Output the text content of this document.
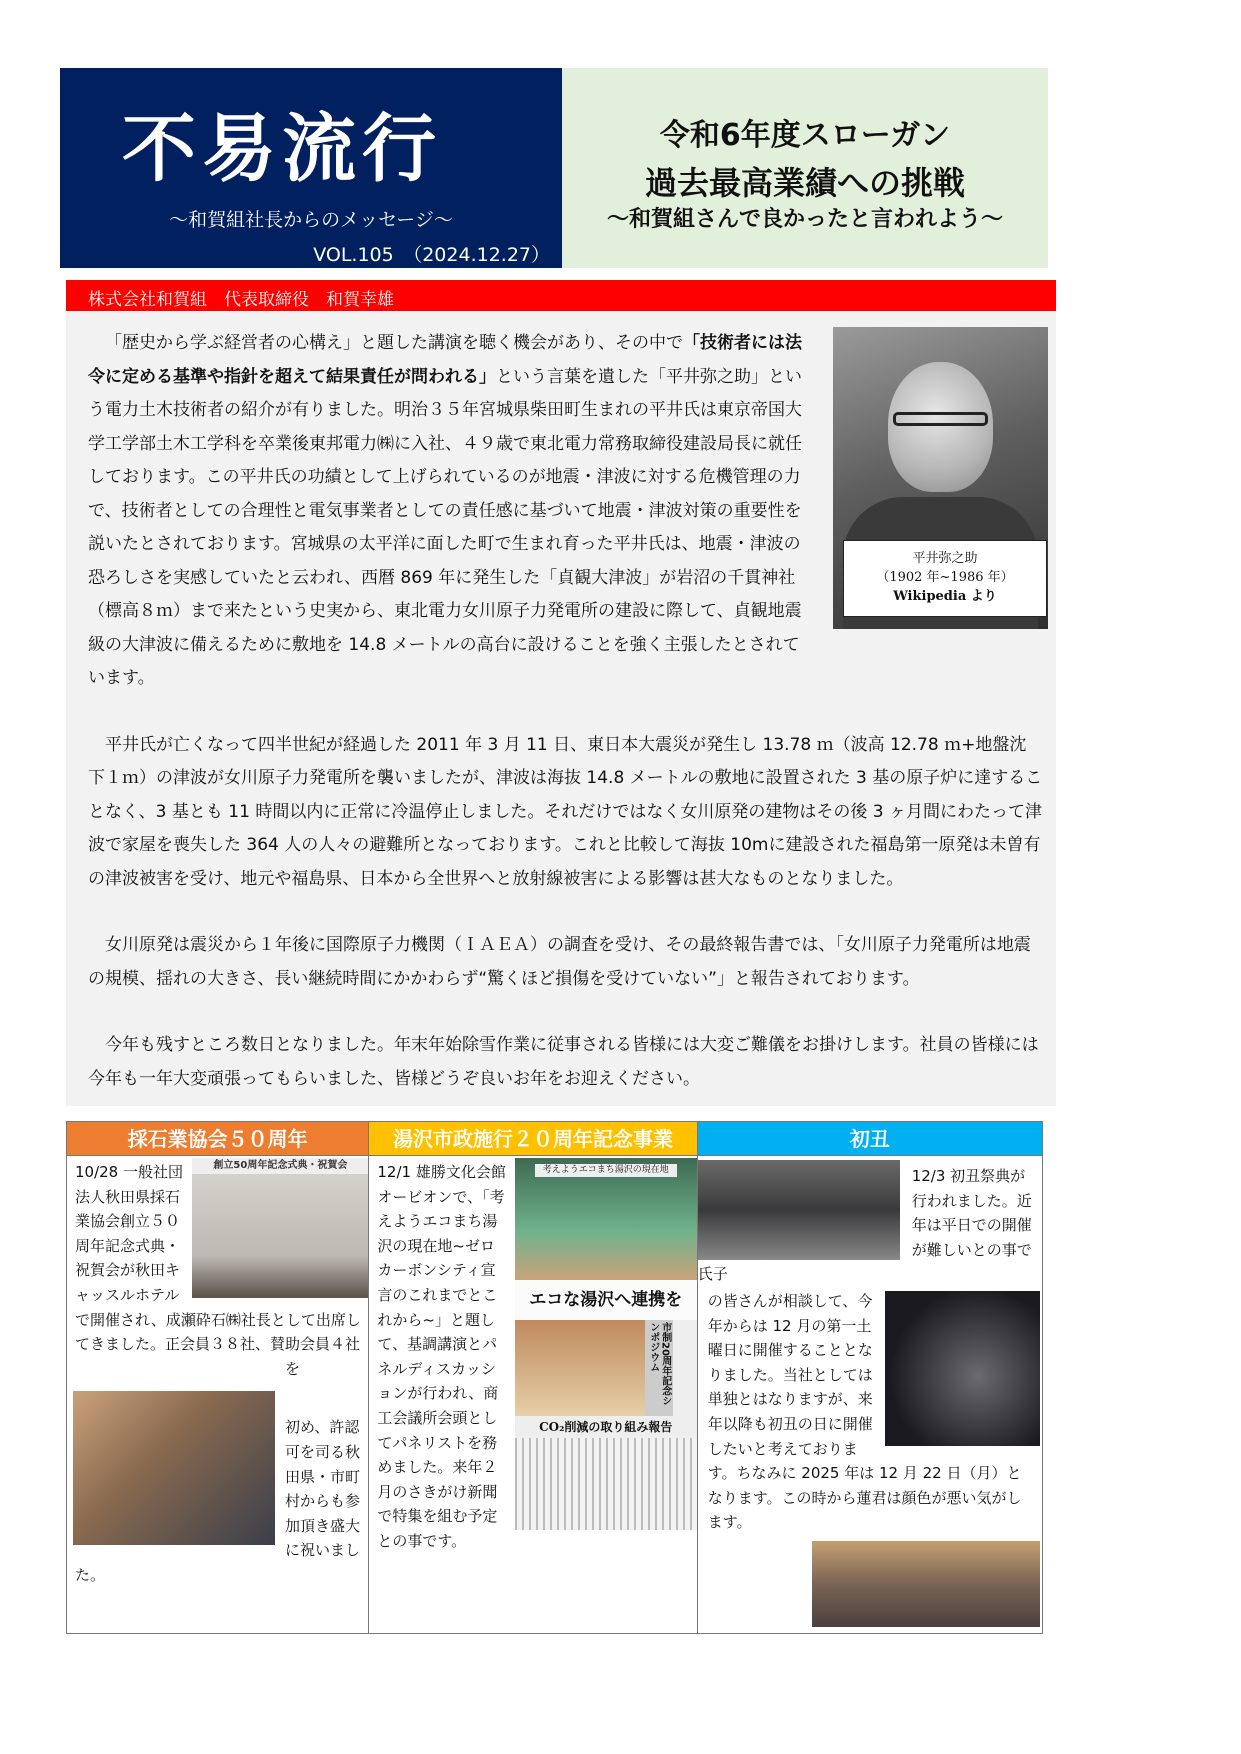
不易流行
～和賀組社長からのメッセージ～
VOL.105　（2024.12.27）
令和6年度スローガン
過去最高業績への挑戦
～和賀組さんで良かったと言われよう～
株式会社和賀組　代表取締役　和賀幸雄
平井弥之助
（1902 年~1986 年）
Wikipedia より

「歴史から学ぶ経営者の心構え」と題した講演を聴く機会があり、その中で「技術者には法令に定める基準や指針を超えて結果責任が問われる」という言葉を遺した「平井弥之助」という電力土木技術者の紹介が有りました。明治３５年宮城県柴田町生まれの平井氏は東京帝国大学工学部土木工学科を卒業後東邦電力㈱に入社、４９歳で東北電力常務取締役建設局長に就任しております。この平井氏の功績として上げられているのが地震・津波に対する危機管理の力で、技術者としての合理性と電気事業者としての責任感に基づいて地震・津波対策の重要性を説いたとされております。宮城県の太平洋に面した町で生まれ育った平井氏は、地震・津波の恐ろしさを実感していたと云われ、西暦 869 年に発生した「貞観大津波」が岩沼の千貫神社（標高８ｍ）まで来たという史実から、東北電力女川原子力発電所の建設に際して、貞観地震級の大津波に備えるために敷地を 14.8 メートルの高台に設けることを強く主張したとされています。

平井氏が亡くなって四半世紀が経過した 2011 年 3 月 11 日、東日本大震災が発生し 13.78 ｍ（波高 12.78 ｍ+地盤沈下１ｍ）の津波が女川原子力発電所を襲いましたが、津波は海抜 14.8 メートルの敷地に設置された 3 基の原子炉に達することなく、3 基とも 11 時間以内に正常に冷温停止しました。それだけではなく女川原発の建物はその後 3 ヶ月間にわたって津波で家屋を喪失した 364 人の人々の避難所となっております。これと比較して海抜 10mに建設された福島第一原発は未曽有の津波被害を受け、地元や福島県、日本から全世界へと放射線被害による影響は甚大なものとなりました。

女川原発は震災から１年後に国際原子力機関（ＩＡＥＡ）の調査を受け、その最終報告書では、「女川原子力発電所は地震の規模、揺れの大きさ、長い継続時間にかかわらず“驚くほど損傷を受けていない”」と報告されております。

今年も残すところ数日となりました。年末年始除雪作業に従事される皆様には大変ご難儀をお掛けします。社員の皆様には今年も一年大変頑張ってもらいました、皆様どうぞ良いお年をお迎えください。

採石業協会５０周年
創立50周年記念式典・祝賀会
10/28 一般社団法人秋田県採石業協会創立５０周年記念式典・祝賀会が秋田キャッスルホテルで開催され、成瀬砕石㈱社長として出席してきました。正会員３８社、賛助会員４社を
初め、許認可を司る秋田県・市町村からも参加頂き盛大に祝いました。
湯沢市政施行２０周年記念事業
考えようエコまち湯沢の現在地
エコな湯沢へ連携を
市制20周年記念シンポジウム
CO₂削減の取り組み報告
12/1 雄勝文化会館オービオンで、「考えようエコまち湯沢の現在地~ゼロカーボンシティ宣言のこれまでとこれから~」と題して、基調講演とパネルディスカッションが行われ、商工会議所会頭としてパネリストを務めました。来年２月のさきがけ新聞で特集を組む予定との事です。
初丑
12/3 初丑祭典が行われました。近年は平日での開催が難しいとの事で氏子
の皆さんが相談して、今年からは 12 月の第一土曜日に開催することとなりました。当社としては単独とはなりますが、来年以降も初丑の日に開催したいと考えております。ちなみに 2025 年は 12 月 22 日（月）となります。この時から蓮君は顔色が悪い気がします。
